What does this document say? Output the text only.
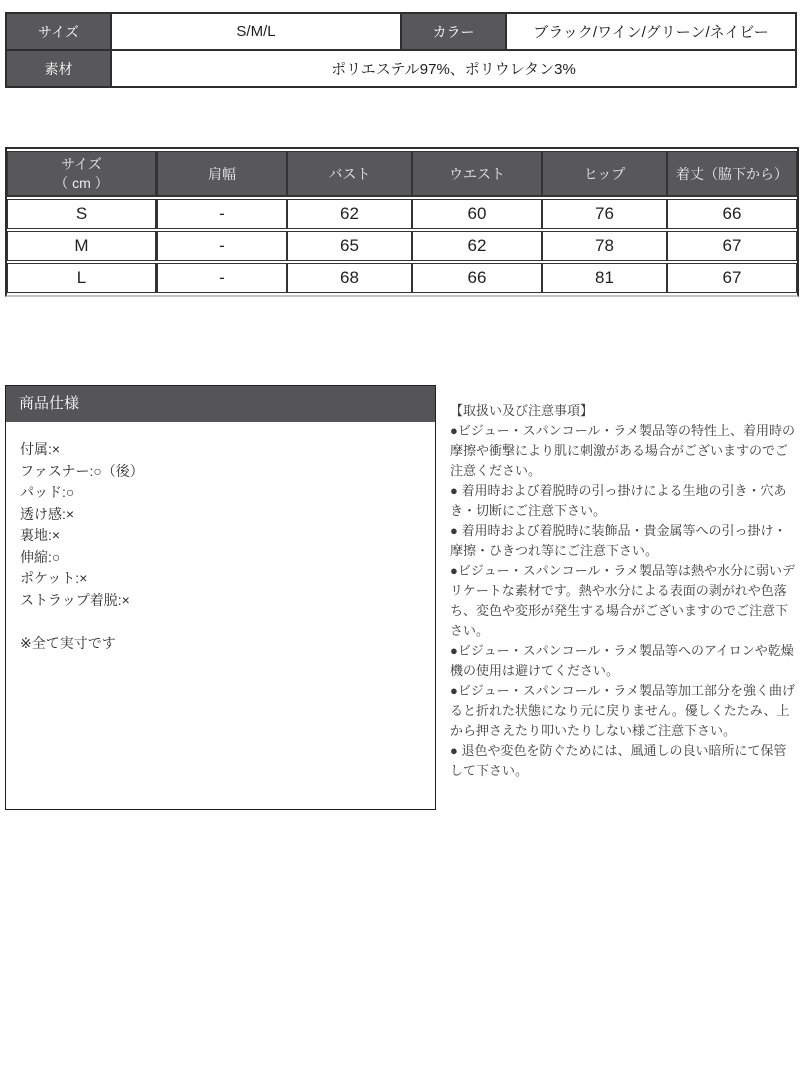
サイズ	S/M/L	カラー	ブラック/ワイン/グリーン/ネイビー
素材	ポリエステル97%、ポリウレタン3%		
サイズ
（ cm ）	肩幅	バスト	ウエスト	ヒップ	着丈（脇下から）
S	-	62	60	76	66
M	-	65	62	78	67
L	-	68	66	81	67
商品仕様
付属:×
ファスナー:○（後）
パッド:○
透け感:×
裏地:×
伸縮:○
ポケット:×
ストラップ着脱:×
※全て実寸です
【取扱い及び注意事項】
●ビジュー・スパンコール・ラメ製品等の特性上、着用時の摩擦や衝撃により肌に刺激がある場合がございますのでご注意ください。
● 着用時および着脱時の引っ掛けによる生地の引き・穴あき・切断にご注意下さい。
● 着用時および着脱時に装飾品・貴金属等への引っ掛け・摩擦・ひきつれ等にご注意下さい。
●ビジュー・スパンコール・ラメ製品等は熱や水分に弱いデリケートな素材です。熱や水分による表面の剥がれや色落ち、変色や変形が発生する場合がございますのでご注意下さい。
●ビジュー・スパンコール・ラメ製品等へのアイロンや乾燥機の使用は避けてください。
●ビジュー・スパンコール・ラメ製品等加工部分を強く曲げると折れた状態になり元に戻りません。優しくたたみ、上から押さえたり叩いたりしない様ご注意下さい。
● 退色や変色を防ぐためには、風通しの良い暗所にて保管して下さい。
